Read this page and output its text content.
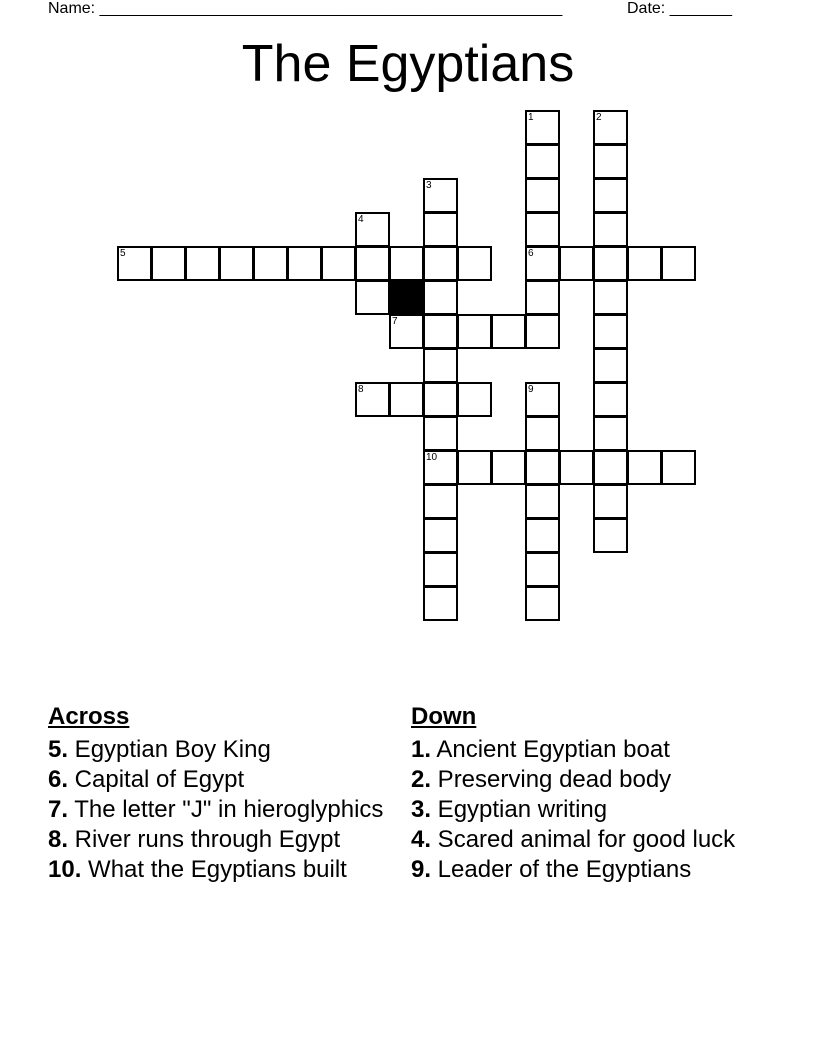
Name: ____________________________________________________	Date: _______
The Egyptians
1	2
3
4
5	6
7
8	9
10
Across
5. Egyptian Boy King
6. Capital of Egypt
7. The letter "J" in hieroglyphics
8. River runs through Egypt
10. What the Egyptians built
Down
1. Ancient Egyptian boat
2. Preserving dead body
3. Egyptian writing
4. Scared animal for good luck
9. Leader of the Egyptians
